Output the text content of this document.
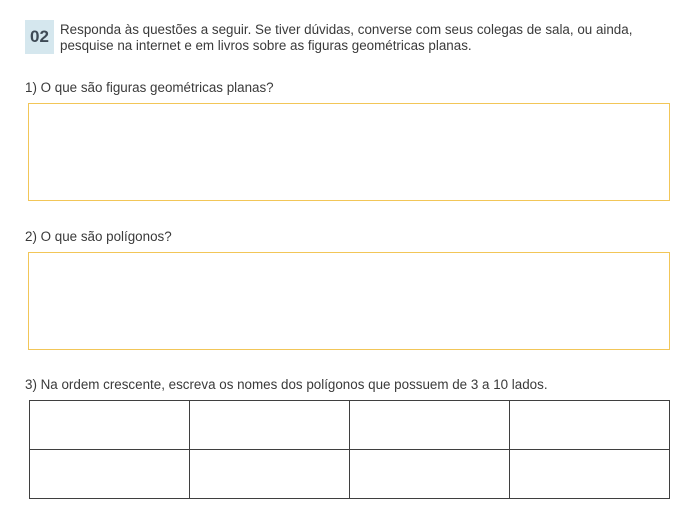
02 Responda às questões a seguir. Se tiver dúvidas, converse com seus colegas de sala, ou ainda, pesquise na internet e em livros sobre as figuras geométricas planas.
1) O que são figuras geométricas planas?
2) O que são polígonos?
3) Na ordem crescente, escreva os nomes dos polígonos que possuem de 3 a 10 lados.
